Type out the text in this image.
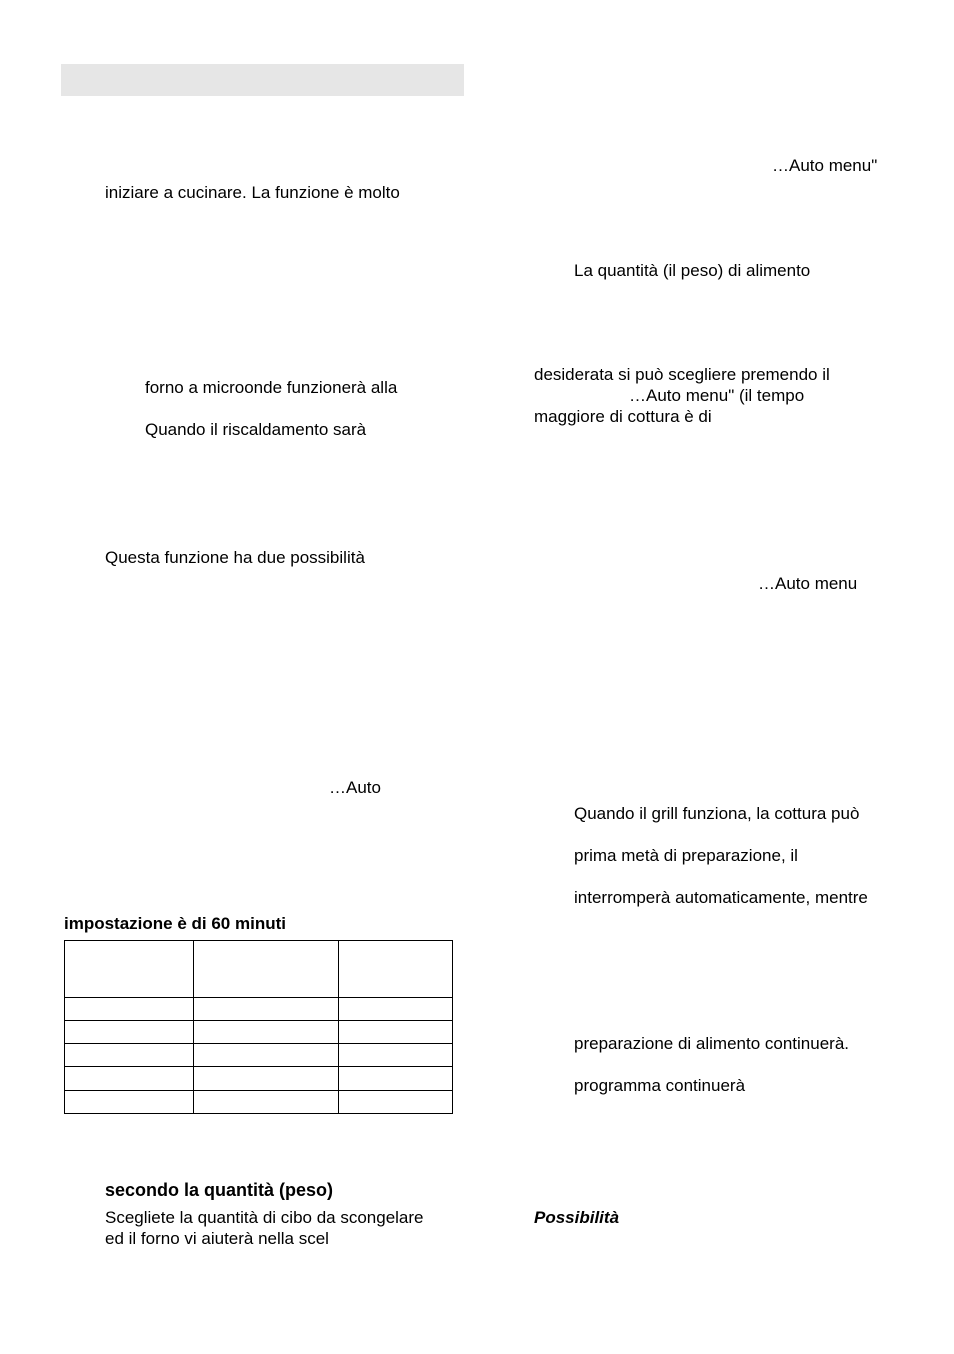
iniziare a cucinare. La funzione è molto
forno a microonde funzionerà alla
Quando il riscaldamento sarà
Questa funzione ha due possibilità
…Auto
impostazione è di 60 minuti

secondo la quantità (peso)
Scegliete la quantità di cibo da scongelare
ed il forno vi aiuterà nella scel
…Auto menu"
La quantità (il peso) di alimento
desiderata si può scegliere premendo il
…Auto menu" (il tempo
maggiore di cottura è di
…Auto menu
Quando il grill funziona, la cottura può
prima metà di preparazione, il
interromperà automaticamente, mentre
preparazione di alimento continuerà.
programma continuerà
Possibilità
